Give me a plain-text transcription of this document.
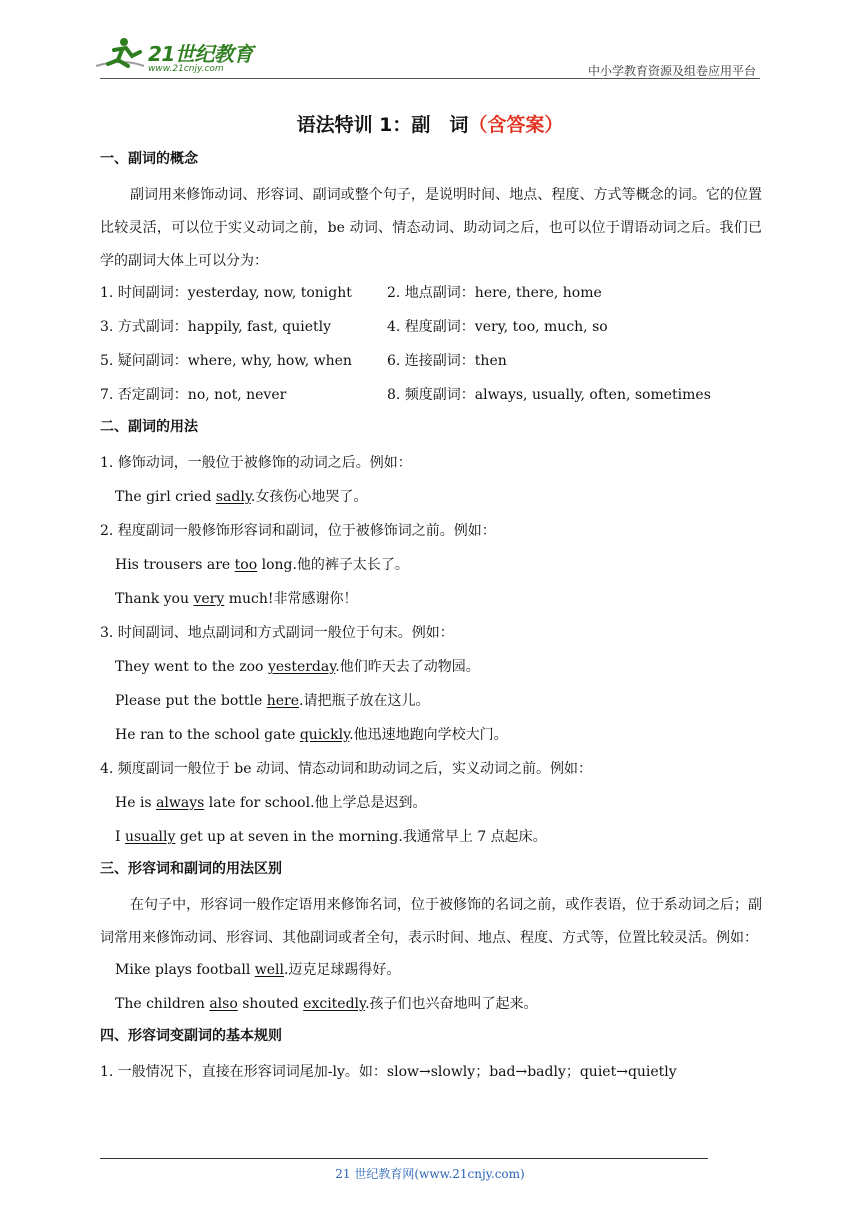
21世纪教育
www.21cnjy.com	中小学教育资源及组卷应用平台
语法特训 1：副　词（含答案）
一、副词的概念
副词用来修饰动词、形容词、副词或整个句子，是说明时间、地点、程度、方式等概念的词。它的位置比较灵活，可以位于实义动词之前，be 动词、情态动词、助动词之后，也可以位于谓语动词之后。我们已学的副词大体上可以分为：
1. 时间副词：yesterday, now, tonight	2. 地点副词：here, there, home
3. 方式副词：happily, fast, quietly	4. 程度副词：very, too, much, so
5. 疑问副词：where, why, how, when	6. 连接副词：then
7. 否定副词：no, not, never	8. 频度副词：always, usually, often, sometimes
二、副词的用法
1. 修饰动词，一般位于被修饰的动词之后。例如：
The girl cried sadly.女孩伤心地哭了。
2. 程度副词一般修饰形容词和副词，位于被修饰词之前。例如：
His trousers are too long.他的裤子太长了。
Thank you very much!非常感谢你！
3. 时间副词、地点副词和方式副词一般位于句末。例如：
They went to the zoo yesterday.他们昨天去了动物园。
Please put the bottle here.请把瓶子放在这儿。
He ran to the school gate quickly.他迅速地跑向学校大门。
4. 频度副词一般位于 be 动词、情态动词和助动词之后，实义动词之前。例如：
He is always late for school.他上学总是迟到。
I usually get up at seven in the morning.我通常早上 7 点起床。
三、形容词和副词的用法区别
在句子中，形容词一般作定语用来修饰名词，位于被修饰的名词之前，或作表语，位于系动词之后；副词常用来修饰动词、形容词、其他副词或者全句，表示时间、地点、程度、方式等，位置比较灵活。例如：
Mike plays football well.迈克足球踢得好。
The children also shouted excitedly.孩子们也兴奋地叫了起来。
四、形容词变副词的基本规则
1. 一般情况下，直接在形容词词尾加-ly。如：slow→slowly；bad→badly；quiet→quietly
21 世纪教育网(www.21cnjy.com)
